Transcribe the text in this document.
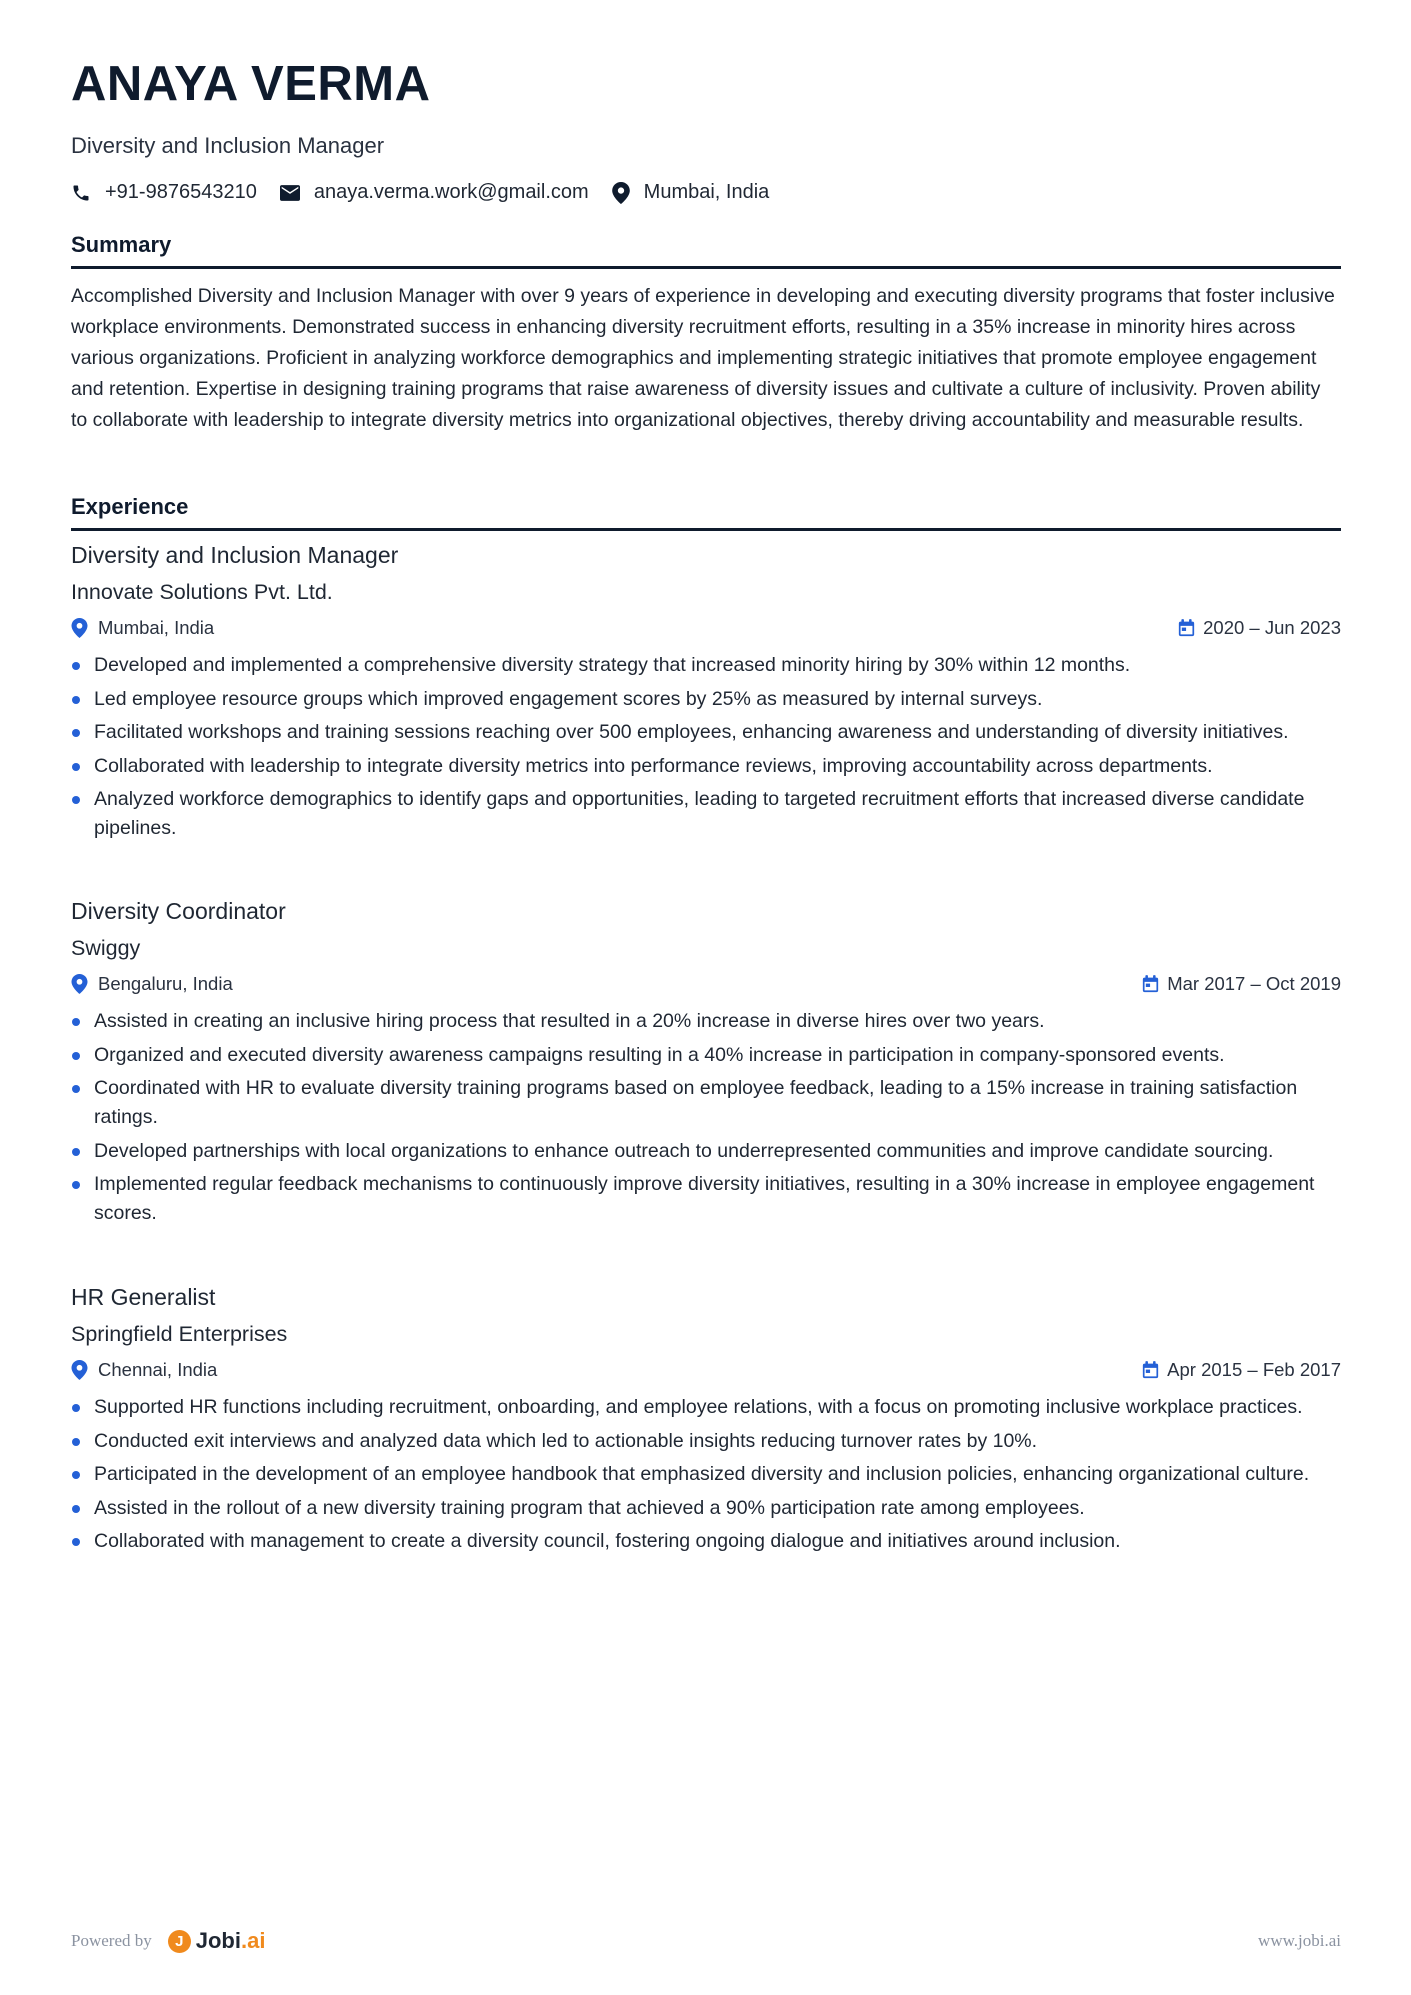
ANAYA VERMA
Diversity and Inclusion Manager
+91-9876543210	anaya.verma.work@gmail.com	Mumbai, India
Summary

Accomplished Diversity and Inclusion Manager with over 9 years of experience in developing and executing diversity programs that foster inclusive workplace environments. Demonstrated success in enhancing diversity recruitment efforts, resulting in a 35% increase in minority hires across various organizations. Proficient in analyzing workforce demographics and implementing strategic initiatives that promote employee engagement and retention. Expertise in designing training programs that raise awareness of diversity issues and cultivate a culture of inclusivity. Proven ability to collaborate with leadership to integrate diversity metrics into organizational objectives, thereby driving accountability and measurable results.

Experience
Diversity and Inclusion Manager
Innovate Solutions Pvt. Ltd.
Mumbai, India	2020 – Jun 2023
Developed and implemented a comprehensive diversity strategy that increased minority hiring by 30% within 12 months.
Led employee resource groups which improved engagement scores by 25% as measured by internal surveys.
Facilitated workshops and training sessions reaching over 500 employees, enhancing awareness and understanding of diversity initiatives.
Collaborated with leadership to integrate diversity metrics into performance reviews, improving accountability across departments.
Analyzed workforce demographics to identify gaps and opportunities, leading to targeted recruitment efforts that increased diverse candidate pipelines.
Diversity Coordinator
Swiggy
Bengaluru, India	Mar 2017 – Oct 2019
Assisted in creating an inclusive hiring process that resulted in a 20% increase in diverse hires over two years.
Organized and executed diversity awareness campaigns resulting in a 40% increase in participation in company-sponsored events.
Coordinated with HR to evaluate diversity training programs based on employee feedback, leading to a 15% increase in training satisfaction ratings.
Developed partnerships with local organizations to enhance outreach to underrepresented communities and improve candidate sourcing.
Implemented regular feedback mechanisms to continuously improve diversity initiatives, resulting in a 30% increase in employee engagement scores.
HR Generalist
Springfield Enterprises
Chennai, India	Apr 2015 – Feb 2017
Supported HR functions including recruitment, onboarding, and employee relations, with a focus on promoting inclusive workplace practices.
Conducted exit interviews and analyzed data which led to actionable insights reducing turnover rates by 10%.
Participated in the development of an employee handbook that emphasized diversity and inclusion policies, enhancing organizational culture.
Assisted in the rollout of a new diversity training program that achieved a 90% participation rate among employees.
Collaborated with management to create a diversity council, fostering ongoing dialogue and initiatives around inclusion.
Powered by	J Jobi .ai	www.jobi.ai
